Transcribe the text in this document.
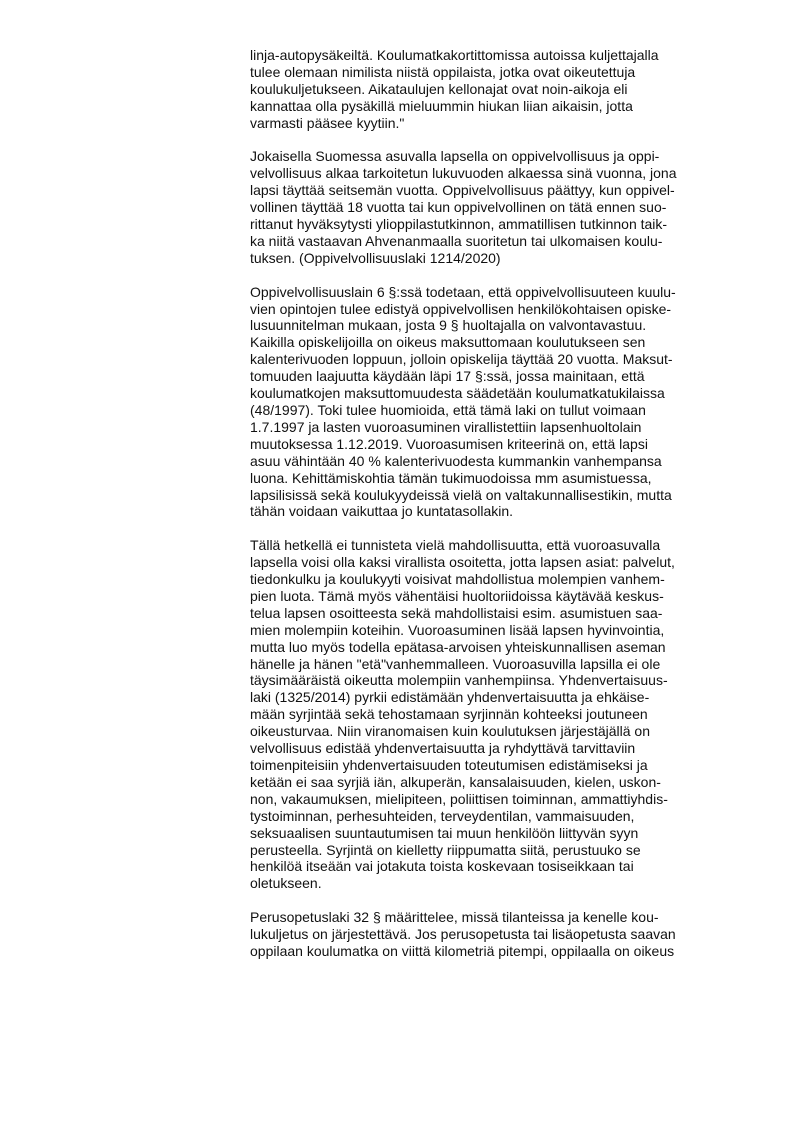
linja-autopysäkeiltä. Koulumatkakortittomissa autoissa kuljettajalla
tulee olemaan nimilista niistä oppilaista, jotka ovat oikeutettuja
koulukuljetukseen. Aikataulujen kellonajat ovat noin-aikoja eli
kannattaa olla pysäkillä mieluummin hiukan liian aikaisin, jotta
varmasti pääsee kyytiin."

Jokaisella Suomessa asuvalla lapsella on oppivelvollisuus ja oppi-
velvollisuus alkaa tarkoitetun lukuvuoden alkaessa sinä vuonna, jona
lapsi täyttää seitsemän vuotta. Oppivelvollisuus päättyy, kun oppivel-
vollinen täyttää 18 vuotta tai kun oppivelvollinen on tätä ennen suo-
rittanut hyväksytysti ylioppilastutkinnon, ammatillisen tutkinnon taik-
ka niitä vastaavan Ahvenanmaalla suoritetun tai ulkomaisen koulu-
tuksen. (Oppivelvollisuuslaki 1214/2020)

Oppivelvollisuuslain 6 §:ssä todetaan, että oppivelvollisuuteen kuulu-
vien opintojen tulee edistyä oppivelvollisen henkilökohtaisen opiske-
lusuunnitelman mukaan, josta 9 § huoltajalla on valvontavastuu.
Kaikilla opiskelijoilla on oikeus maksuttomaan koulutukseen sen
kalenterivuoden loppuun, jolloin opiskelija täyttää 20 vuotta. Maksut-
tomuuden laajuutta käydään läpi 17 §:ssä, jossa mainitaan, että
koulumatkojen maksuttomuudesta säädetään koulumatkatukilaissa
(48/1997). Toki tulee huomioida, että tämä laki on tullut voimaan
1.7.1997 ja lasten vuoroasuminen virallistettiin lapsenhuoltolain
muutoksessa 1.12.2019. Vuoroasumisen kriteerinä on, että lapsi
asuu vähintään 40 % kalenterivuodesta kummankin vanhempansa
luona. Kehittämiskohtia tämän tukimuodoissa mm asumistuessa,
lapsilisissä sekä koulukyydeissä vielä on valtakunnallisestikin, mutta
tähän voidaan vaikuttaa jo kuntatasollakin.

Tällä hetkellä ei tunnisteta vielä mahdollisuutta, että vuoroasuvalla
lapsella voisi olla kaksi virallista osoitetta, jotta lapsen asiat: palvelut,
tiedonkulku ja koulukyyti voisivat mahdollistua molempien vanhem-
pien luota. Tämä myös vähentäisi huoltoriidoissa käytävää keskus-
telua lapsen osoitteesta sekä mahdollistaisi esim. asumistuen saa-
mien molempiin koteihin. Vuoroasuminen lisää lapsen hyvinvointia,
mutta luo myös todella epätasa-arvoisen yhteiskunnallisen aseman
hänelle ja hänen "etä"vanhemmalleen. Vuoroasuvilla lapsilla ei ole
täysimääräistä oikeutta molempiin vanhempiinsa. Yhdenvertaisuus-
laki (1325/2014) pyrkii edistämään yhdenvertaisuutta ja ehkäise-
mään syrjintää sekä tehostamaan syrjinnän kohteeksi joutuneen
oikeusturvaa. Niin viranomaisen kuin koulutuksen järjestäjällä on
velvollisuus edistää yhdenvertaisuutta ja ryhdyttävä tarvittaviin
toimenpiteisiin yhdenvertaisuuden toteutumisen edistämiseksi ja
ketään ei saa syrjiä iän, alkuperän, kansalaisuuden, kielen, uskon-
non, vakaumuksen, mielipiteen, poliittisen toiminnan, ammattiyhdis-
tystoiminnan, perhesuhteiden, terveydentilan, vammaisuuden,
seksuaalisen suuntautumisen tai muun henkilöön liittyvän syyn
perusteella. Syrjintä on kielletty riippumatta siitä, perustuuko se
henkilöä itseään vai jotakuta toista koskevaan tosiseikkaan tai
oletukseen.

Perusopetuslaki 32 § määrittelee, missä tilanteissa ja kenelle kou-
lukuljetus on järjestettävä. Jos perusopetusta tai lisäopetusta saavan
oppilaan koulumatka on viittä kilometriä pitempi, oppilaalla on oikeus
